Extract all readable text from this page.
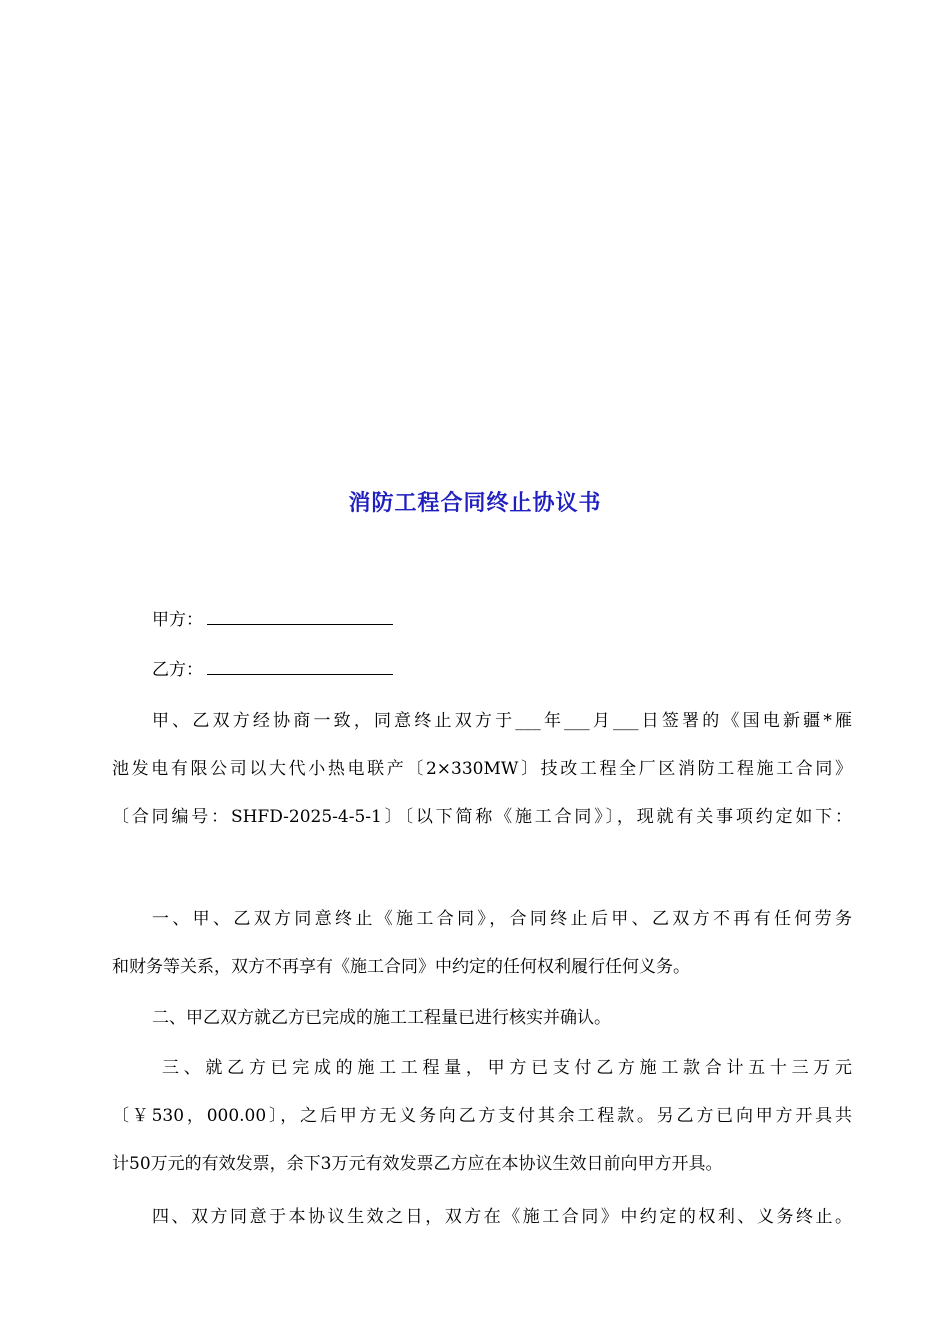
消防工程合同终止协议书
甲方：
乙方：
甲、乙双方经协商一致，同意终止双方于___年___月___日签署的《国电新疆*雁
池发电有限公司以大代小热电联产〔2×330MW〕技改工程全厂区消防工程施工合同》
〔合同编号：SHFD-2025-4-5-1〕〔以下简称《施工合同》〕，现就有关事项约定如下：
一、甲、乙双方同意终止《施工合同》，合同终止后甲、乙双方不再有任何劳务
和财务等关系，双方不再享有《施工合同》中约定的任何权利履行任何义务。
二、甲乙双方就乙方已完成的施工工程量已进行核实并确认。
三、就乙方已完成的施工工程量，甲方已支付乙方施工款合计五十三万元
〔￥530，000.00〕，之后甲方无义务向乙方支付其余工程款。另乙方已向甲方开具共
计50万元的有效发票，余下3万元有效发票乙方应在本协议生效日前向甲方开具。
四、双方同意于本协议生效之日，双方在《施工合同》中约定的权利、义务终止。
